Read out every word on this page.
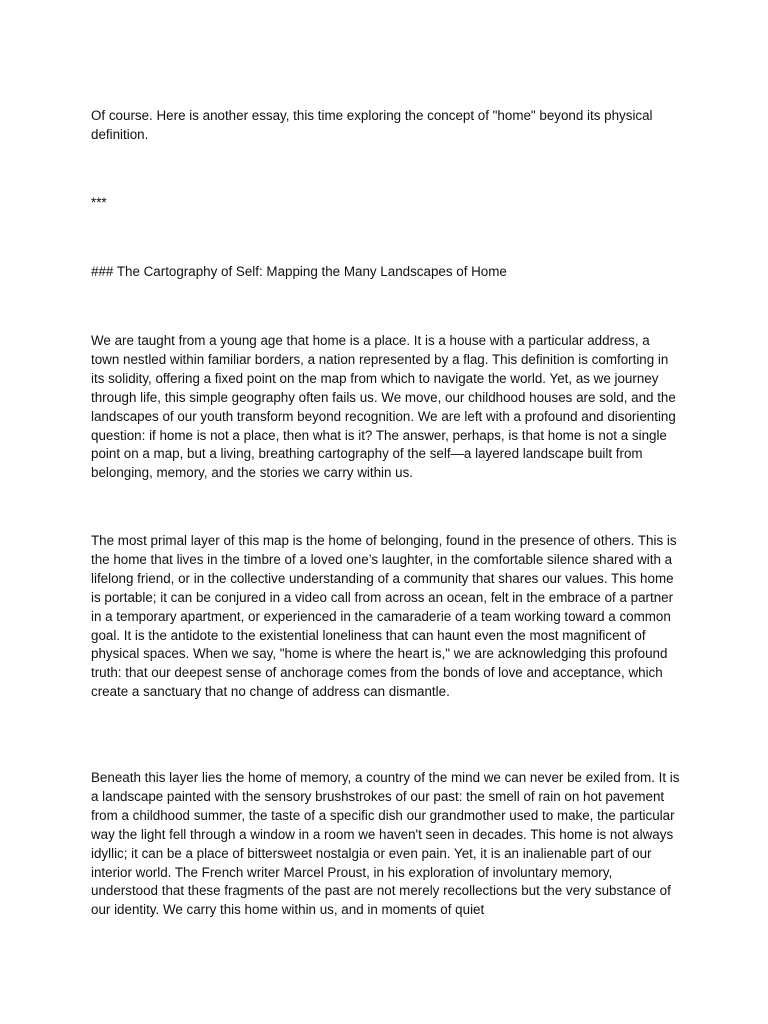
Of course. Here is another essay, this time exploring the concept of "home" beyond its physical definition.

***

### The Cartography of Self: Mapping the Many Landscapes of Home

We are taught from a young age that home is a place. It is a house with a particular address, a town nestled within familiar borders, a nation represented by a flag. This definition is comforting in its solidity, offering a fixed point on the map from which to navigate the world. Yet, as we journey through life, this simple geography often fails us. We move, our childhood houses are sold, and the landscapes of our youth transform beyond recognition. We are left with a profound and disorienting question: if home is not a place, then what is it? The answer, perhaps, is that home is not a single point on a map, but a living, breathing cartography of the self—a layered landscape built from belonging, memory, and the stories we carry within us.

The most primal layer of this map is the home of belonging, found in the presence of others. This is the home that lives in the timbre of a loved one’s laughter, in the comfortable silence shared with a lifelong friend, or in the collective understanding of a community that shares our values. This home is portable; it can be conjured in a video call from across an ocean, felt in the embrace of a partner in a temporary apartment, or experienced in the camaraderie of a team working toward a common goal. It is the antidote to the existential loneliness that can haunt even the most magnificent of physical spaces. When we say, "home is where the heart is," we are acknowledging this profound truth: that our deepest sense of anchorage comes from the bonds of love and acceptance, which create a sanctuary that no change of address can dismantle.

Beneath this layer lies the home of memory, a country of the mind we can never be exiled from. It is a landscape painted with the sensory brushstrokes of our past: the smell of rain on hot pavement from a childhood summer, the taste of a specific dish our grandmother used to make, the particular way the light fell through a window in a room we haven't seen in decades. This home is not always idyllic; it can be a place of bittersweet nostalgia or even pain. Yet, it is an inalienable part of our interior world. The French writer Marcel Proust, in his exploration of involuntary memory, understood that these fragments of the past are not merely recollections but the very substance of our identity. We carry this home within us, and in moments of quiet
